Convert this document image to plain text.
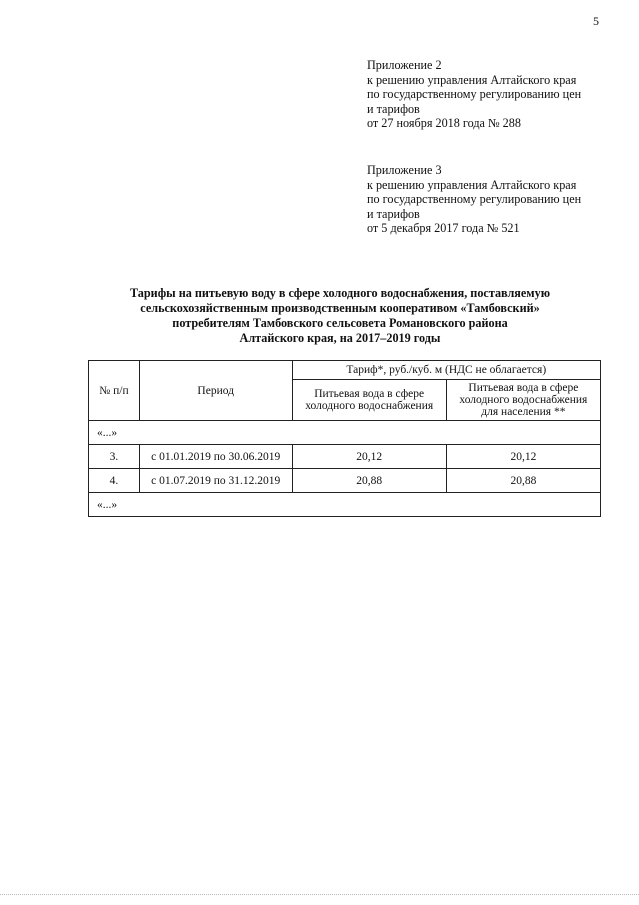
5
Приложение 2
к решению управления Алтайского края
по государственному регулированию цен
и тарифов
от 27 ноября 2018 года № 288
Приложение 3
к решению управления Алтайского края
по государственному регулированию цен
и тарифов
от 5 декабря 2017 года № 521
Тарифы на питьевую воду в сфере холодного водоснабжения, поставляемую
сельскохозяйственным производственным кооперативом «Тамбовский»
потребителям Тамбовского сельсовета Романовского района
Алтайского края, на 2017–2019 годы
№ п/п	Период	Тариф*, руб./куб. м (НДС не облагается)	
		Питьевая вода в сфере холодного водоснабжения	Питьевая вода в сфере
холодного водоснабжения
для населения **

«...»			
3.	с 01.01.2019 по 30.06.2019	20,12	20,12
4.	с 01.07.2019 по 31.12.2019	20,88	20,88
«...»			
